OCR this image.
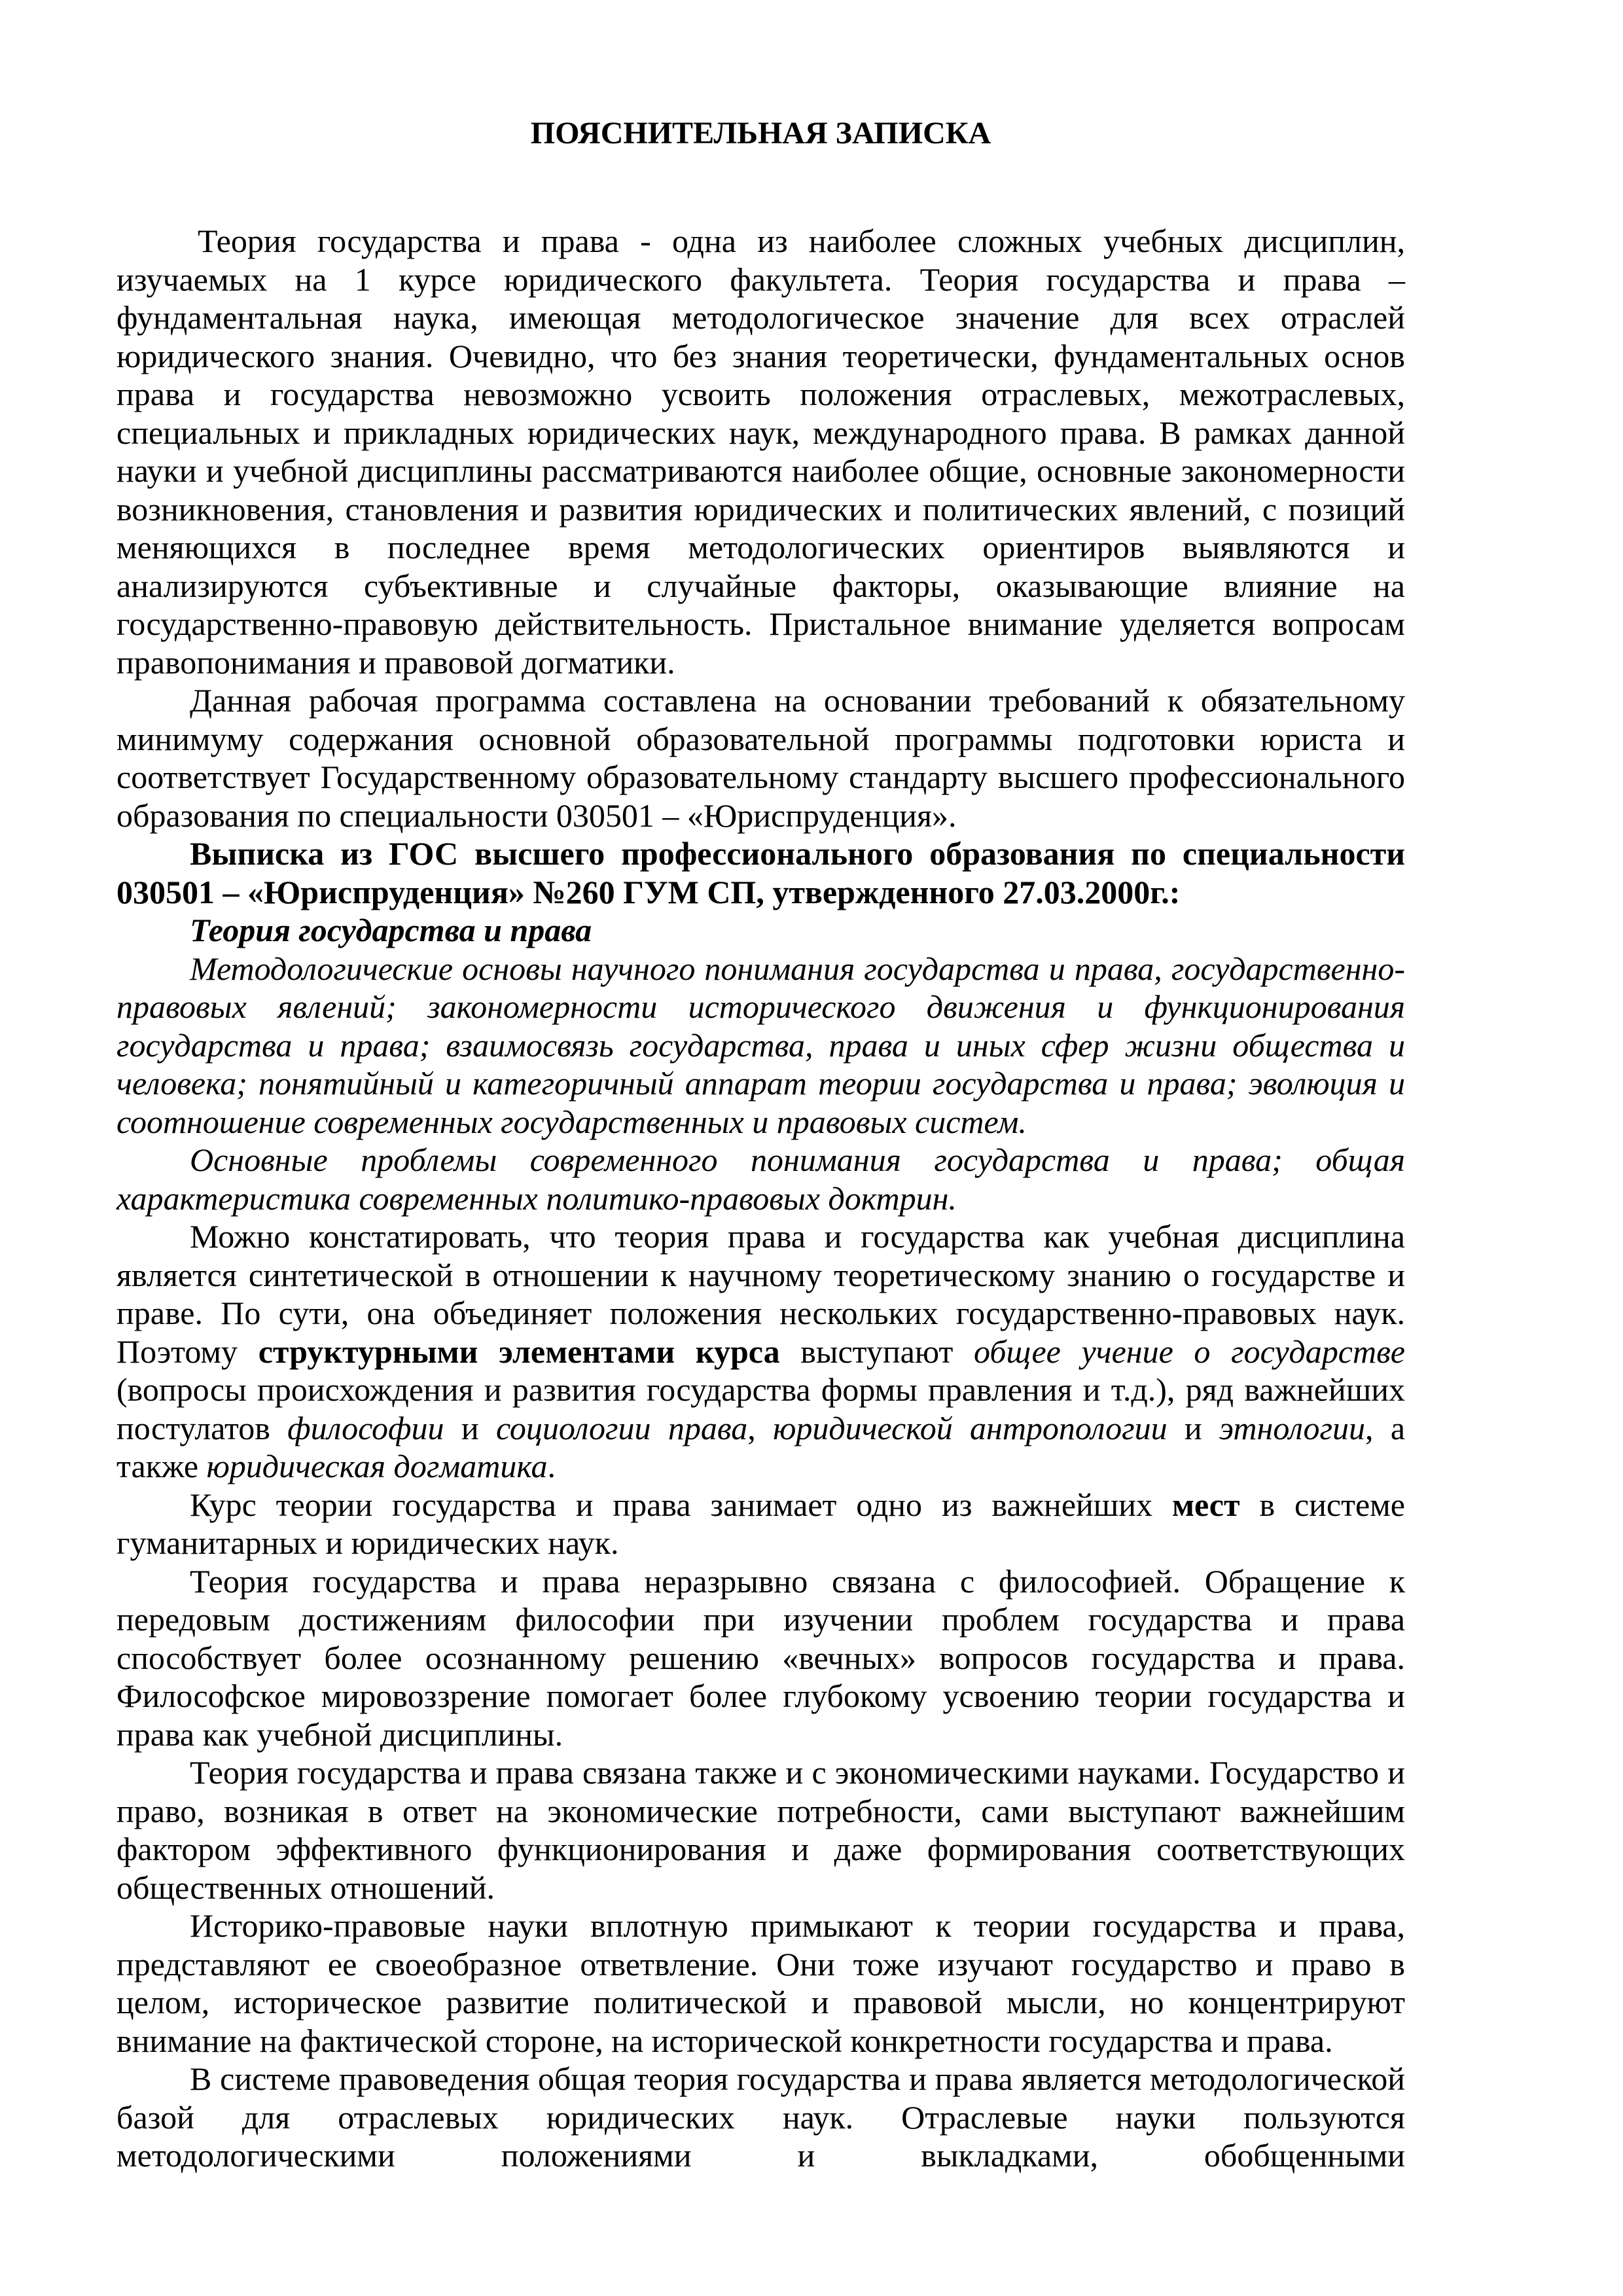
ПОЯСНИТЕЛЬНАЯ ЗАПИСКА

Теория государства и права - одна из наиболее сложных учебных дисциплин, изучаемых на 1 курсе юридического факультета. Теория государства и права – фундаментальная наука, имеющая методологическое значение для всех отраслей юридического знания. Очевидно, что без знания теоретически, фундаментальных основ права и государства невозможно усвоить положения отраслевых, межотраслевых, специальных и прикладных юридических наук, международного права. В рамках данной науки и учебной дисциплины рассматриваются наиболее общие, основные закономерности возникновения, становления и развития юридических и политических явлений, с позиций меняющихся в последнее время методологических ориентиров выявляются и анализируются субъективные и случайные факторы, оказывающие влияние на государственно-правовую действительность. Пристальное внимание уделяется вопросам правопонимания и правовой догматики.

Данная рабочая программа составлена на основании требований к обязательному минимуму содержания основной образовательной программы подготовки юриста и соответствует Государственному образовательному стандарту высшего профессионального образования по специальности 030501 – «Юриспруденция».

Выписка из ГОС высшего профессионального образования по специальности 030501 – «Юриспруденция» №260 ГУМ СП, утвержденного 27.03.2000г.:

Теория государства и права

Методологические основы научного понимания государства и права, государственно-правовых явлений; закономерности исторического движения и функционирования государства и права; взаимосвязь государства, права и иных сфер жизни общества и человека; понятийный и категоричный аппарат теории государства и права; эволюция и соотношение современных государственных и правовых систем.

Основные проблемы современного понимания государства и права; общая характеристика современных политико-правовых доктрин.

Можно констатировать, что теория права и государства как учебная дисциплина является синтетической в отношении к научному теоретическому знанию о государстве и праве. По сути, она объединяет положения нескольких государственно-правовых наук. Поэтому структурными элементами курса выступают общее учение о государстве (вопросы происхождения и развития государства формы правления и т.д.), ряд важнейших постулатов философии и социологии права, юридической антропологии и этнологии, а также юридическая догматика.

Курс теории государства и права занимает одно из важнейших мест в системе гуманитарных и юридических наук.

Теория государства и права неразрывно связана с философией. Обращение к передовым достижениям философии при изучении проблем государства и права способствует более осознанному решению «вечных» вопросов государства и права. Философское мировоззрение помогает более глубокому усвоению теории государства и права как учебной дисциплины.

Теория государства и права связана также и с экономическими науками. Государство и право, возникая в ответ на экономические потребности, сами выступают важнейшим фактором эффективного функционирования и даже формирования соответствующих общественных отношений.

Историко-правовые науки вплотную примыкают к теории государства и права, представляют ее своеобразное ответвление. Они тоже изучают государство и право в целом, историческое развитие политической и правовой мысли, но концентрируют внимание на фактической стороне, на исторической конкретности государства и права.

В системе правоведения общая теория государства и права является методологической базой для отраслевых юридических наук. Отраслевые науки пользуются методологическими положениями и выкладками, обобщенными
